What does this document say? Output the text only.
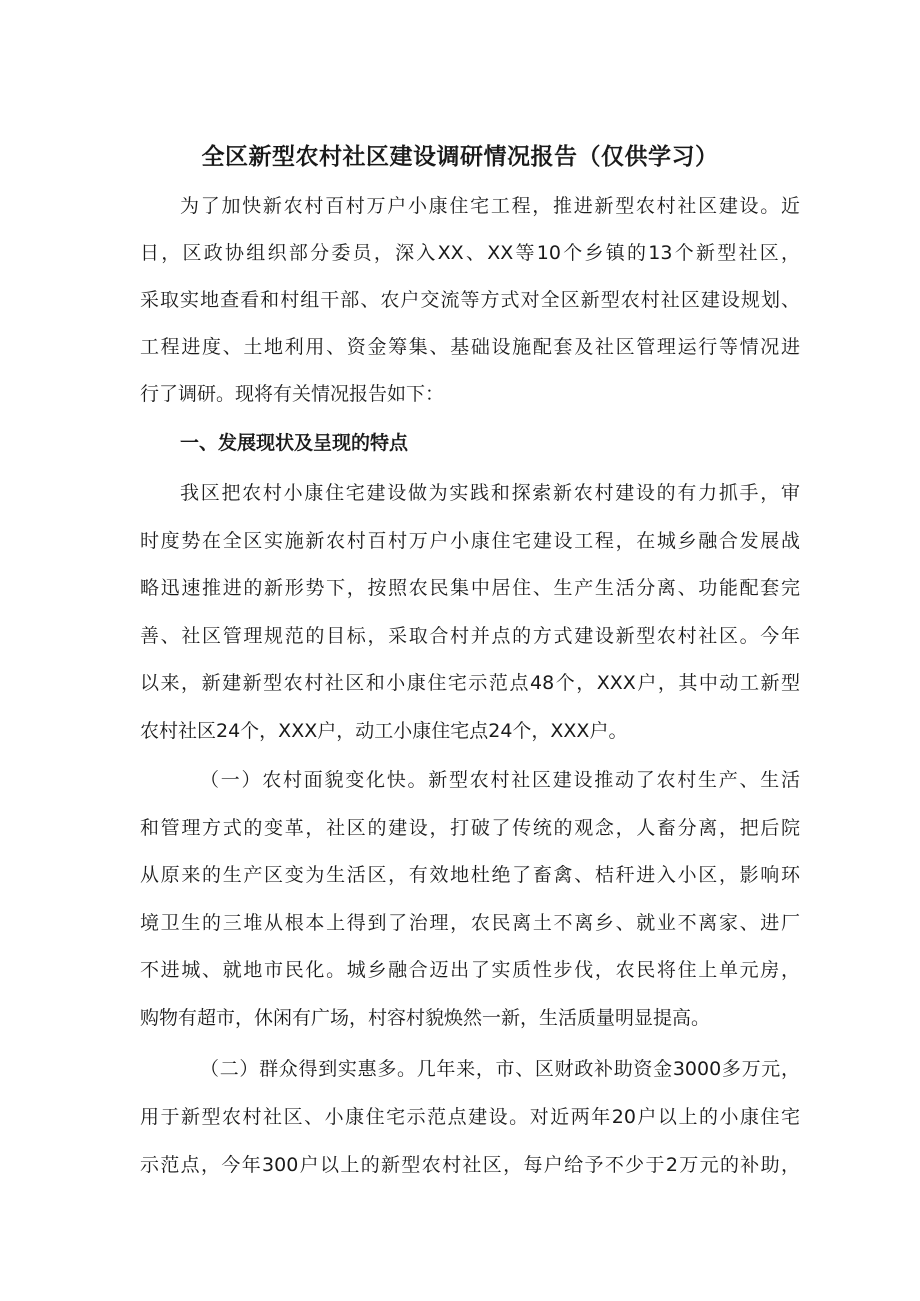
全区新型农村社区建设调研情况报告（仅供学习）

为了加快新农村百村万户小康住宅工程，推进新型农村社区建设。近

日，区政协组织部分委员，深入XX、XX等10个乡镇的13个新型社区，

采取实地查看和村组干部、农户交流等方式对全区新型农村社区建设规划、

工程进度、土地利用、资金筹集、基础设施配套及社区管理运行等情况进

行了调研。现将有关情况报告如下：

一、发展现状及呈现的特点

我区把农村小康住宅建设做为实践和探索新农村建设的有力抓手，审

时度势在全区实施新农村百村万户小康住宅建设工程，在城乡融合发展战

略迅速推进的新形势下，按照农民集中居住、生产生活分离、功能配套完

善、社区管理规范的目标，采取合村并点的方式建设新型农村社区。今年

以来，新建新型农村社区和小康住宅示范点48个，XXX户，其中动工新型

农村社区24个，XXX户，动工小康住宅点24个，XXX户。

（一）农村面貌变化快。新型农村社区建设推动了农村生产、生活

和管理方式的变革，社区的建设，打破了传统的观念，人畜分离，把后院

从原来的生产区变为生活区，有效地杜绝了畜禽、桔秆进入小区，影响环

境卫生的三堆从根本上得到了治理，农民离土不离乡、就业不离家、进厂

不进城、就地市民化。城乡融合迈出了实质性步伐，农民将住上单元房，

购物有超市，休闲有广场，村容村貌焕然一新，生活质量明显提高。

（二）群众得到实惠多。几年来，市、区财政补助资金3000多万元，

用于新型农村社区、小康住宅示范点建设。对近两年20户以上的小康住宅

示范点，今年300户以上的新型农村社区，每户给予不少于2万元的补助，
